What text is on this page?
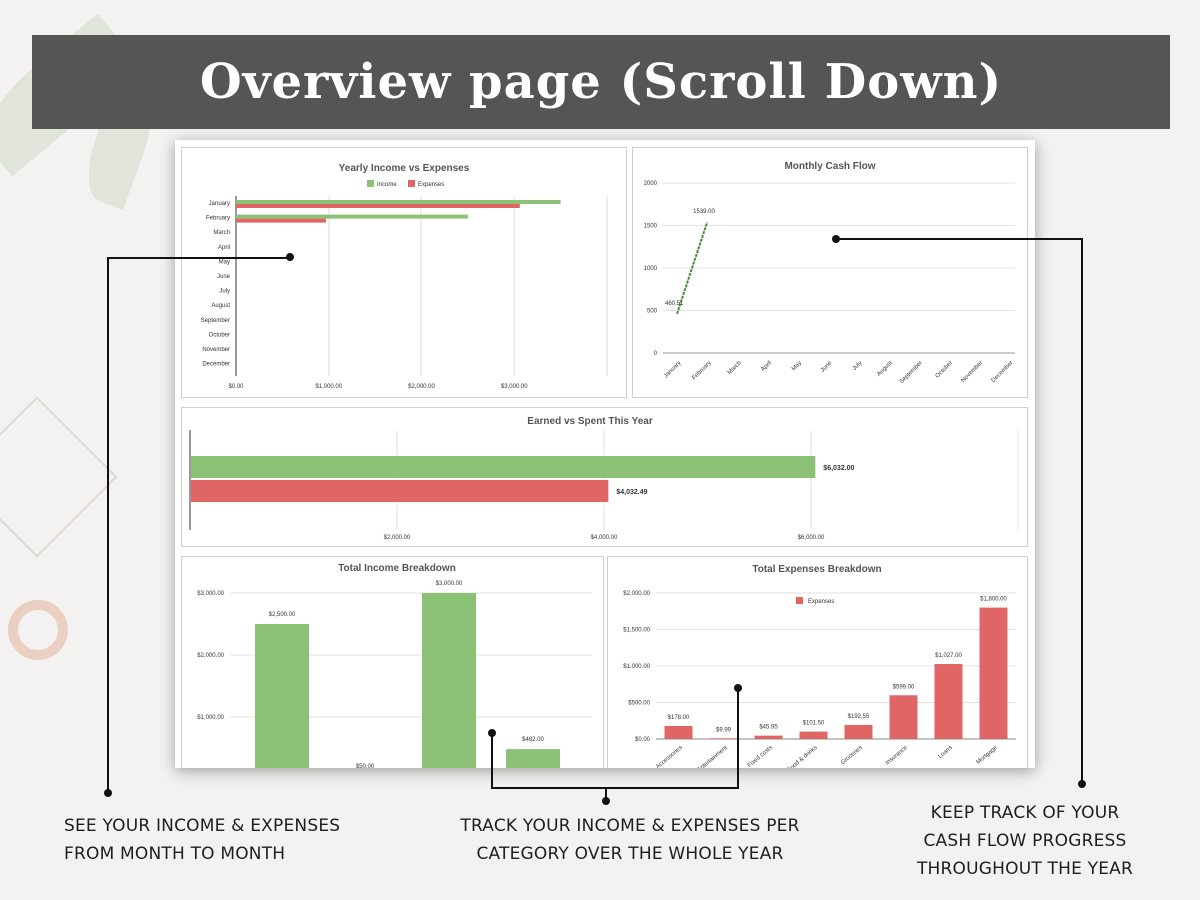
Overview page (Scroll Down)
Yearly Income vs Expenses
Income	Expenses
January
February
March
April
May
June
July
August
September
October
November
December
$0.00	$1,000.00	$2,000.00	$3,000.00
Monthly Cash Flow
0
500
1000
1500
2000
January February March	April	May	June	July August September October November December
460.51
1539.00
Earned vs Spent This Year
$2,000.00	$4,000.00	$6,000.00
$6,032.00
$4,032.49
Total Income Breakdown
$3,000.00
$2,000.00
$1,000.00
$2,500.00
$50.00
$3,000.00
$482.00
Total Expenses Breakdown
Expenses
$0.00
$500.00
$1,000.00
$1,500.00
$2,000.00
$178.00
Accessories
$9.99
Entertainment
$45.95
Fixed costs
$101.50
Food & drinks
$192.55
Groceries
$599.00
Insurance
$1,027.00
Loans
$1,800.00
Mortgage
SEE YOUR INCOME & EXPENSES
FROM MONTH TO MONTH
TRACK YOUR INCOME & EXPENSES PER
CATEGORY OVER THE WHOLE YEAR
KEEP TRACK OF YOUR
CASH FLOW PROGRESS
THROUGHOUT THE YEAR
